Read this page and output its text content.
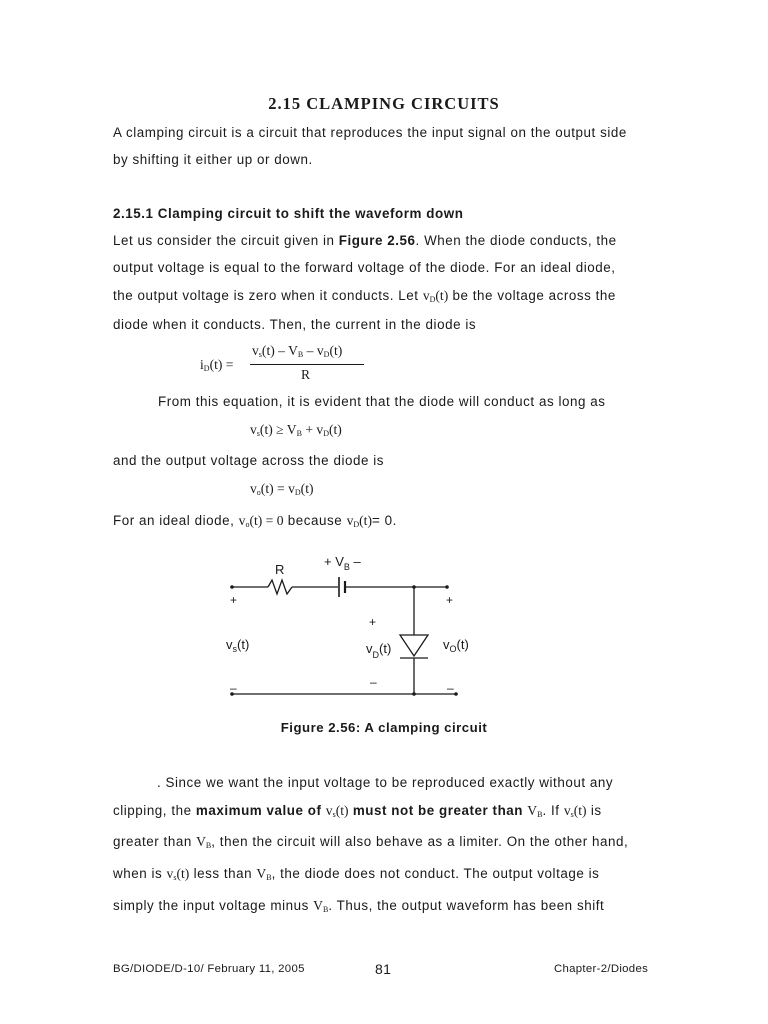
2.15 CLAMPING CIRCUITS
A clamping circuit is a circuit that reproduces the input signal on the output side
by shifting it either up or down.
2.15.1 Clamping circuit to shift the waveform down
Let us consider the circuit given in Figure 2.56. When the diode conducts, the
output voltage is equal to the forward voltage of the diode. For an ideal diode,
the output voltage is zero when it conducts. Let $v_D(t)$ be the voltage across the
diode when it conducts. Then, the current in the diode is
$i_D(t)$ =
$v_s(t) - V_B - v_D(t)$
R
From this equation, it is evident that the diode will conduct as long as
$v_s(t) \ge V_B + v_D(t)$
and the output voltage across the diode is
$v_o(t) = v_D(t)$
For an ideal diode, $v_o(t) = 0$ because $v_D(t)= 0$.
R
+ $V_B$ –
+	+
+
$v_s(t)$	$v_D(t)$	$v_O(t)$
–
–	–
Figure 2.56: A clamping circuit
. Since we want the input voltage to be reproduced exactly without any
clipping, the maximum value of $v_s(t)$ must not be greater than $V_B$. If $v_s(t)$ is
greater than $V_B$, then the circuit will also behave as a limiter. On the other hand,
when is $v_s(t)$ less than $V_B$, the diode does not conduct. The output voltage is
simply the input voltage minus $V_B$. Thus, the output waveform has been shift
BG/DIODE/D-10/ February 11, 2005	81	Chapter-2/Diodes
